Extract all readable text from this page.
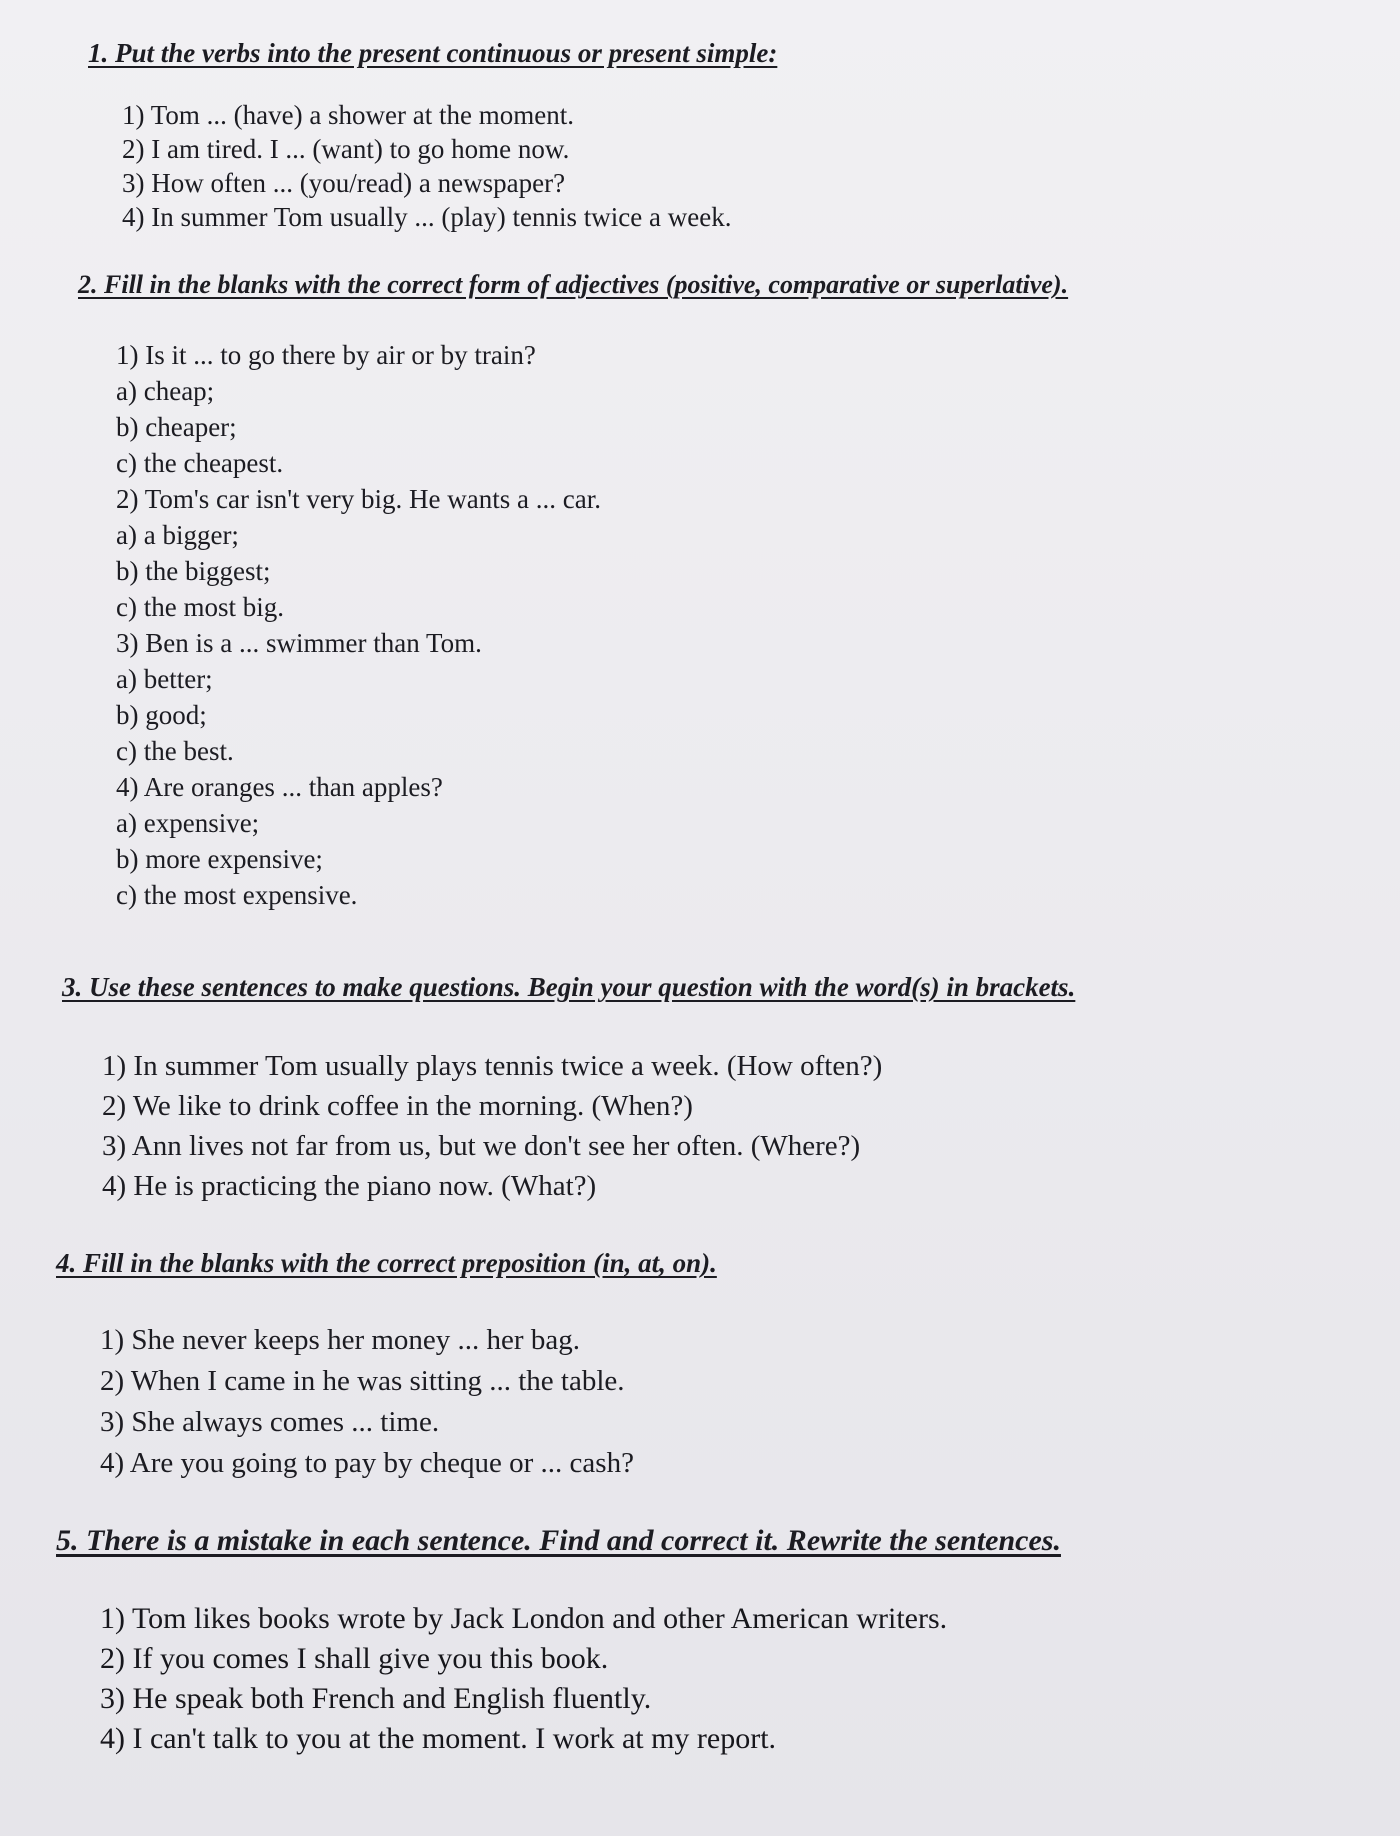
1. Put the verbs into the present continuous or present simple:

1) Tom ... (have) a shower at the moment.
2) I am tired. I ... (want) to go home now.
3) How often ... (you/read) a newspaper?
4) In summer Tom usually ... (play) tennis twice a week.

2. Fill in the blanks with the correct form of adjectives (positive, comparative or superlative).

1) Is it ... to go there by air or by train?
a) cheap;
b) cheaper;
c) the cheapest.
2) Tom's car isn't very big. He wants a ... car.
a) a bigger;
b) the biggest;
c) the most big.
3) Ben is a ... swimmer than Tom.
a) better;
b) good;
c) the best.
4) Are oranges ... than apples?
a) expensive;
b) more expensive;
c) the most expensive.

3. Use these sentences to make questions. Begin your question with the word(s) in brackets.

1) In summer Tom usually plays tennis twice a week. (How often?)
2) We like to drink coffee in the morning. (When?)
3) Ann lives not far from us, but we don't see her often. (Where?)
4) He is practicing the piano now. (What?)

4. Fill in the blanks with the correct preposition (in, at, on).

1) She never keeps her money ... her bag.
2) When I came in he was sitting ... the table.
3) She always comes ... time.
4) Are you going to pay by cheque or ... cash?

5. There is a mistake in each sentence. Find and correct it. Rewrite the sentences.

1) Tom likes books wrote by Jack London and other American writers.
2) If you comes I shall give you this book.
3) He speak both French and English fluently.
4) I can't talk to you at the moment. I work at my report.
